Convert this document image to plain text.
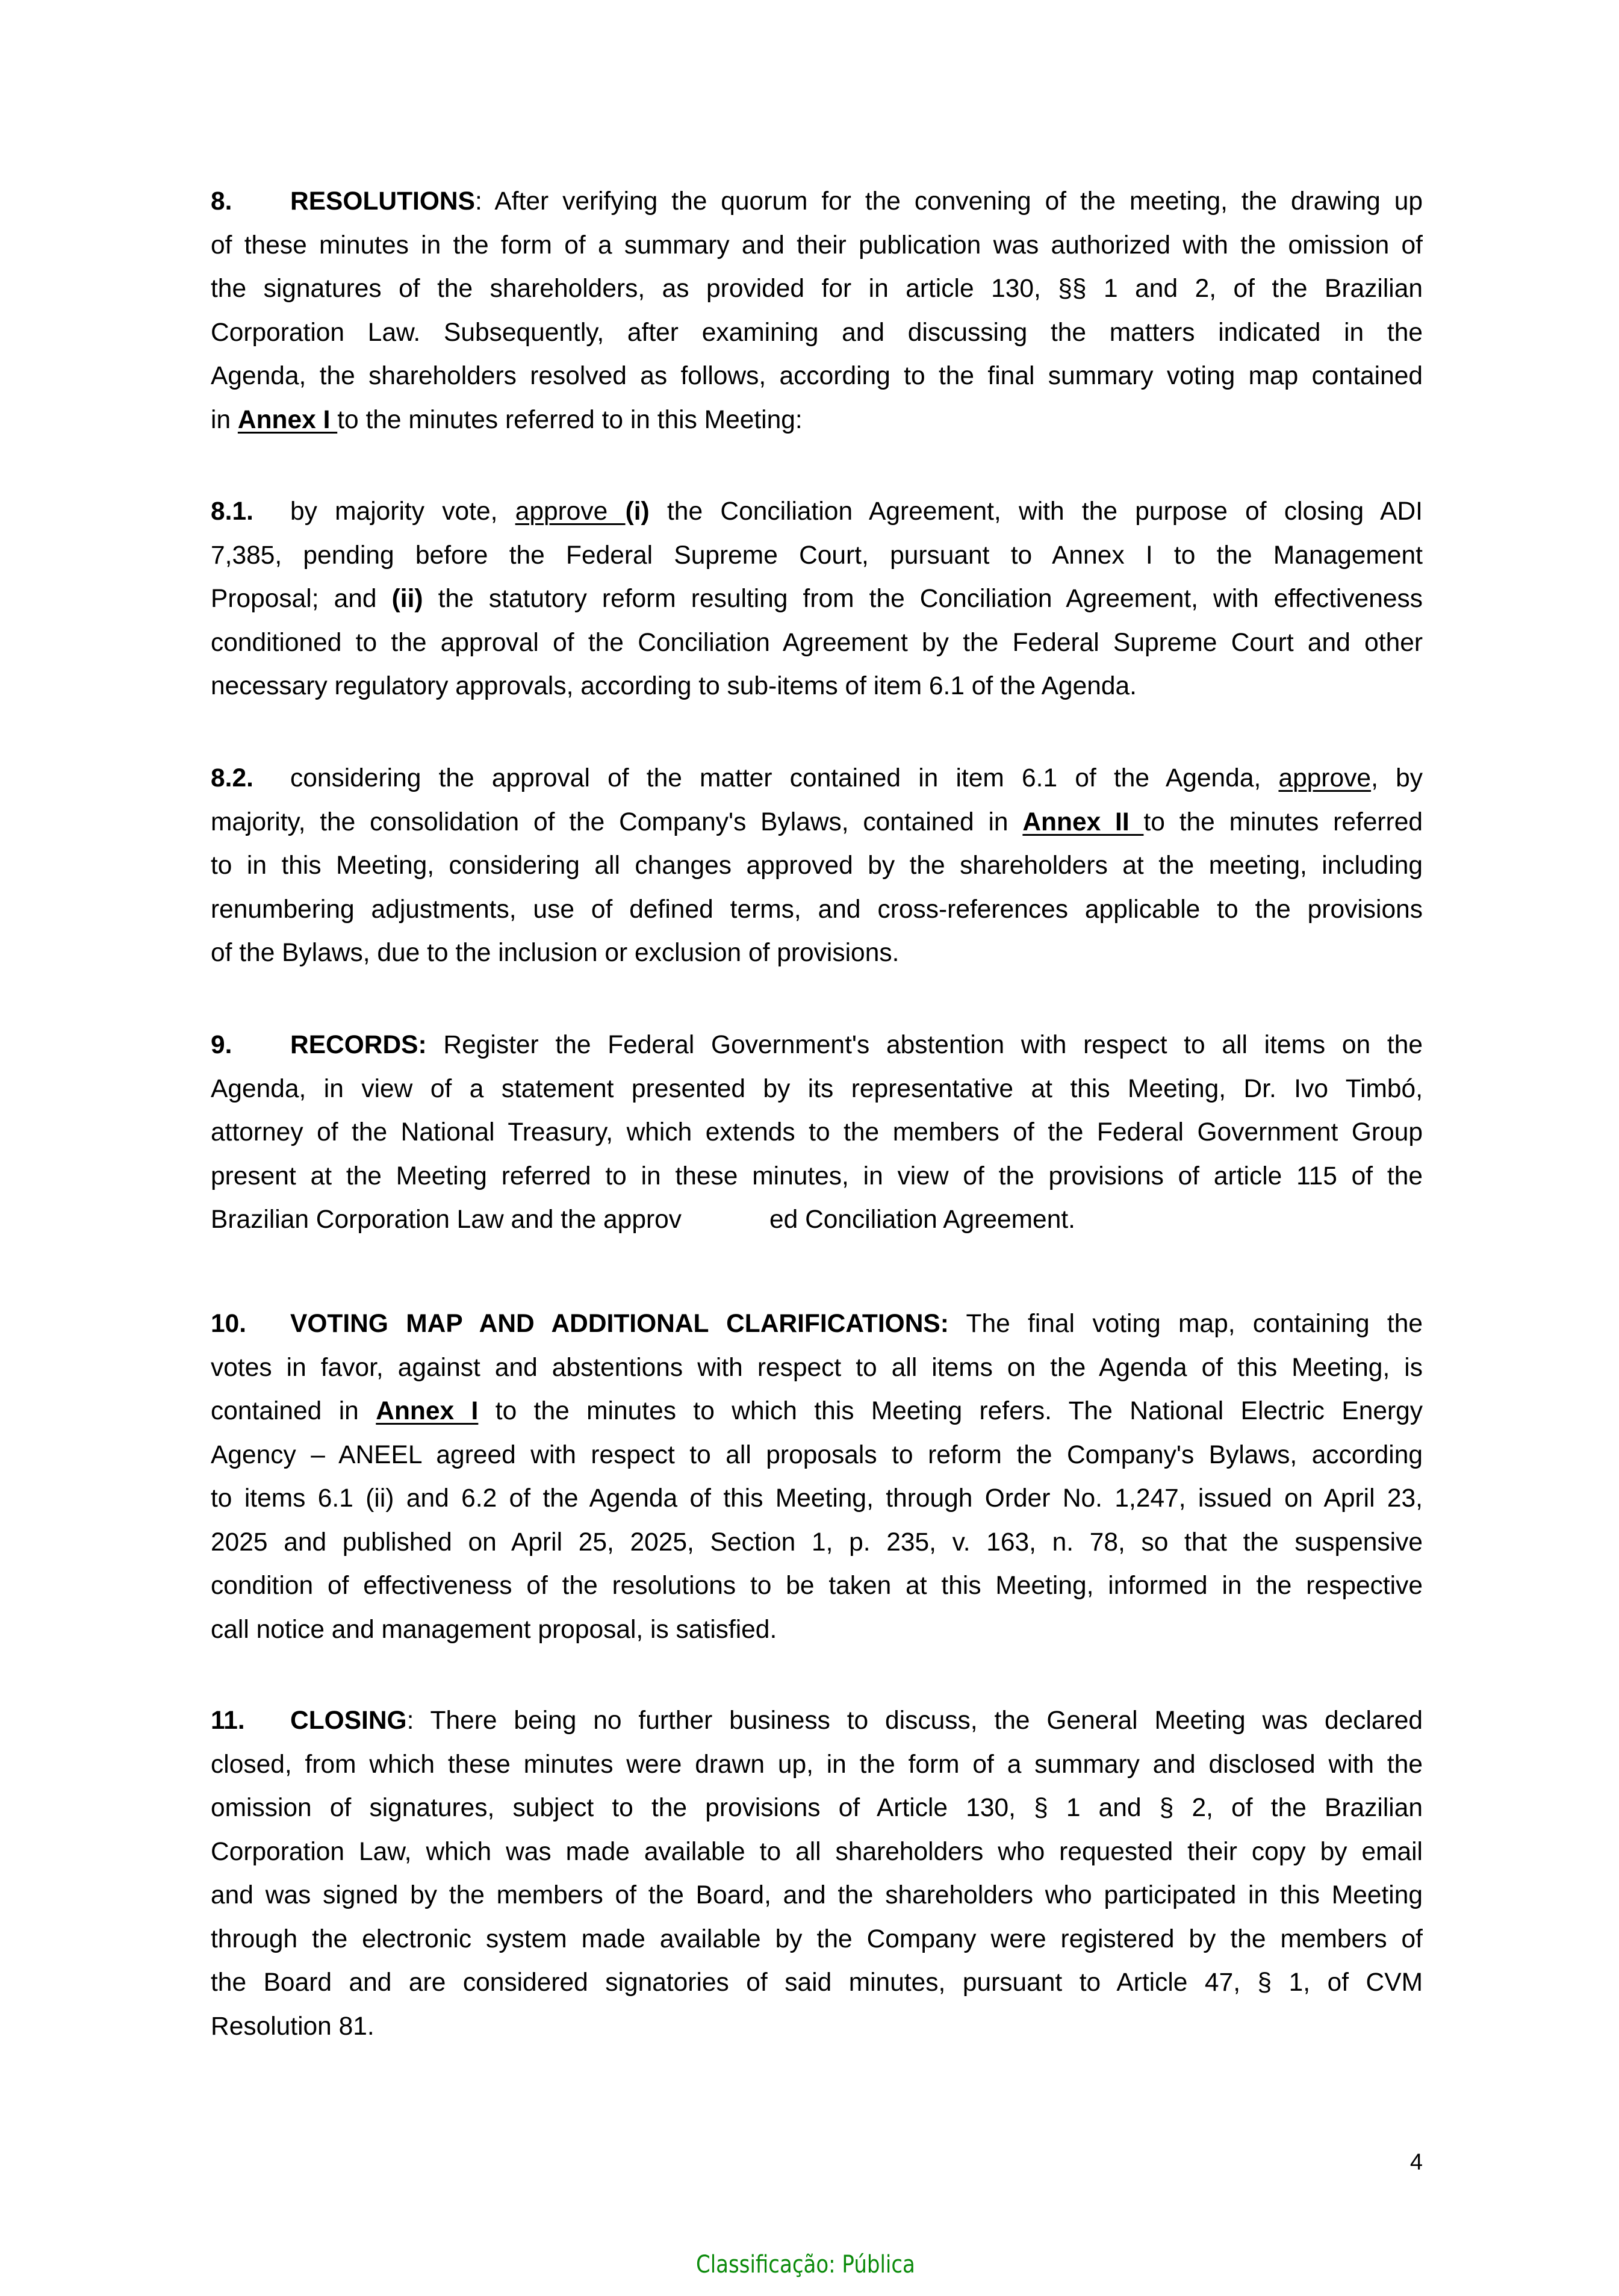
8. RESOLUTIONS: After verifying the quorum for the convening of the meeting, the drawing up
of these minutes in the form of a summary and their publication was authorized with the omission of
the signatures of the shareholders, as provided for in article 130, §§ 1 and 2, of the Brazilian
Corporation Law. Subsequently, after examining and discussing the matters indicated in the
Agenda, the shareholders resolved as follows, according to the final summary voting map contained
in Annex I to the minutes referred to in this Meeting:
8.1. by majority vote, approve (i) the Conciliation Agreement, with the purpose of closing ADI
7,385, pending before the Federal Supreme Court, pursuant to Annex I to the Management
Proposal; and (ii) the statutory reform resulting from the Conciliation Agreement, with effectiveness
conditioned to the approval of the Conciliation Agreement by the Federal Supreme Court and other
necessary regulatory approvals, according to sub-items of item 6.1 of the Agenda.
8.2. considering the approval of the matter contained in item 6.1 of the Agenda, approve, by
majority, the consolidation of the Company's Bylaws, contained in Annex II to the minutes referred
to in this Meeting, considering all changes approved by the shareholders at the meeting, including
renumbering adjustments, use of defined terms, and cross-references applicable to the provisions
of the Bylaws, due to the inclusion or exclusion of provisions.
9. RECORDS: Register the Federal Government's abstention with respect to all items on the
Agenda, in view of a statement presented by its representative at this Meeting, Dr. Ivo Timbó,
attorney of the National Treasury, which extends to the members of the Federal Government Group
present at the Meeting referred to in these minutes, in view of the provisions of article 115 of the
Brazilian Corporation Law and the approv	ed Conciliation Agreement.
10. VOTING MAP AND ADDITIONAL CLARIFICATIONS: The final voting map, containing the
votes in favor, against and abstentions with respect to all items on the Agenda of this Meeting, is
contained in Annex I to the minutes to which this Meeting refers. The National Electric Energy
Agency – ANEEL agreed with respect to all proposals to reform the Company's Bylaws, according
to items 6.1 (ii) and 6.2 of the Agenda of this Meeting, through Order No. 1,247, issued on April 23,
2025 and published on April 25, 2025, Section 1, p. 235, v. 163, n. 78, so that the suspensive
condition of effectiveness of the resolutions to be taken at this Meeting, informed in the respective
call notice and management proposal, is satisfied.
11. CLOSING: There being no further business to discuss, the General Meeting was declared
closed, from which these minutes were drawn up, in the form of a summary and disclosed with the
omission of signatures, subject to the provisions of Article 130, § 1 and § 2, of the Brazilian
Corporation Law, which was made available to all shareholders who requested their copy by email
and was signed by the members of the Board, and the shareholders who participated in this Meeting
through the electronic system made available by the Company were registered by the members of
the Board and are considered signatories of said minutes, pursuant to Article 47, § 1, of CVM
Resolution 81.
4
Classificação: Pública
